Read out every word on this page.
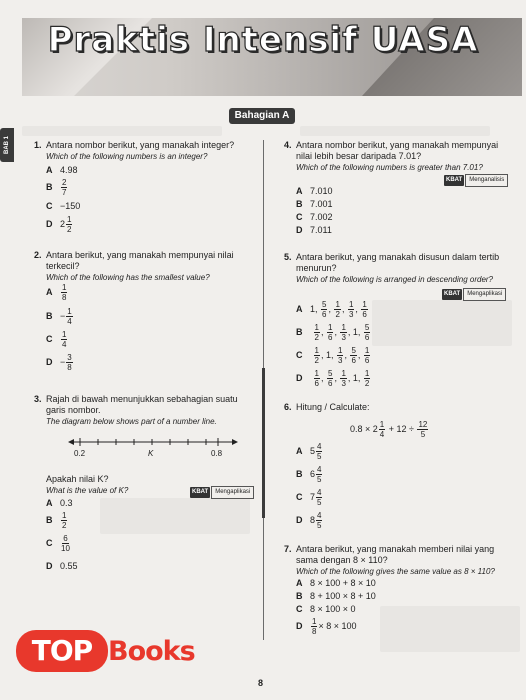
Praktis Intensif UASA
BAB 1
Bahagian A
1. Antara nombor berikut, yang manakah integer?
Which of the following numbers is an integer?
A 4.98
B $\frac{2}{7}$
C −150
D $2 \frac{1}{2}$
2. Antara berikut, yang manakah mempunyai nilai
terkecil?
Which of the following has the smallest value?
A $\frac{1}{8}$
$B - \frac{1}{4}$
C $\frac{1}{4}$
$D - \frac{3}{8}$
3. Rajah di bawah menunjukkan sebahagian suatu
garis nombor.
The diagram below shows part of a number line.
0.2	K	0.8
Apakah nilai K?
What is the value of K?	KBAT	Mengaplikasi
A 0.3
B $\frac{1}{2}$
C $\frac{6}{10}$
D 0.55
4. Antara nombor berikut, yang manakah mempunyai
nilai lebih besar daripada 7.01?
Which of the following numbers is greater than 7.01?
KBAT	Menganalisis
A 7.010
B 7.001
C 7.002
D 7.011
5. Antara berikut, yang manakah disusun dalam tertib
menurun?
Which of the following is arranged in descending order?
KBAT	Mengaplikasi
A 1, $\frac{5}{6}$ , $\frac{1}{2}$ , $\frac{1}{3}$ , $\frac{1}{6}$
B $\frac{1}{2}$ , $\frac{1}{6}$ , $\frac{1}{3}$ , 1, $\frac{5}{6}$
C $\frac{1}{2}$ , 1, $\frac{1}{3}$ , $\frac{5}{6}$ , $\frac{1}{6}$
D $\frac{1}{6}$ , $\frac{5}{6}$ , $\frac{1}{3}$ , 1, $\frac{1}{2}$
6. Hitung / Calculate:
$0.8 \times 2 \frac{1}{4} + 12 \div \frac{12}{5}$
A $5 \frac{4}{5}$
B $6 \frac{4}{5}$
C $7 \frac{4}{5}$
D $8 \frac{4}{5}$
7. Antara berikut, yang manakah memberi nilai yang
sama dengan 8 × 110?
Which of the following gives the same value as 8 × 110?
A 8 × 100 + 8 × 10
B 8 + 100 × 8 + 10
C 8 × 100 × 0
D $\frac{1}{8} \times 8 \times 100$
TOP Books
8
